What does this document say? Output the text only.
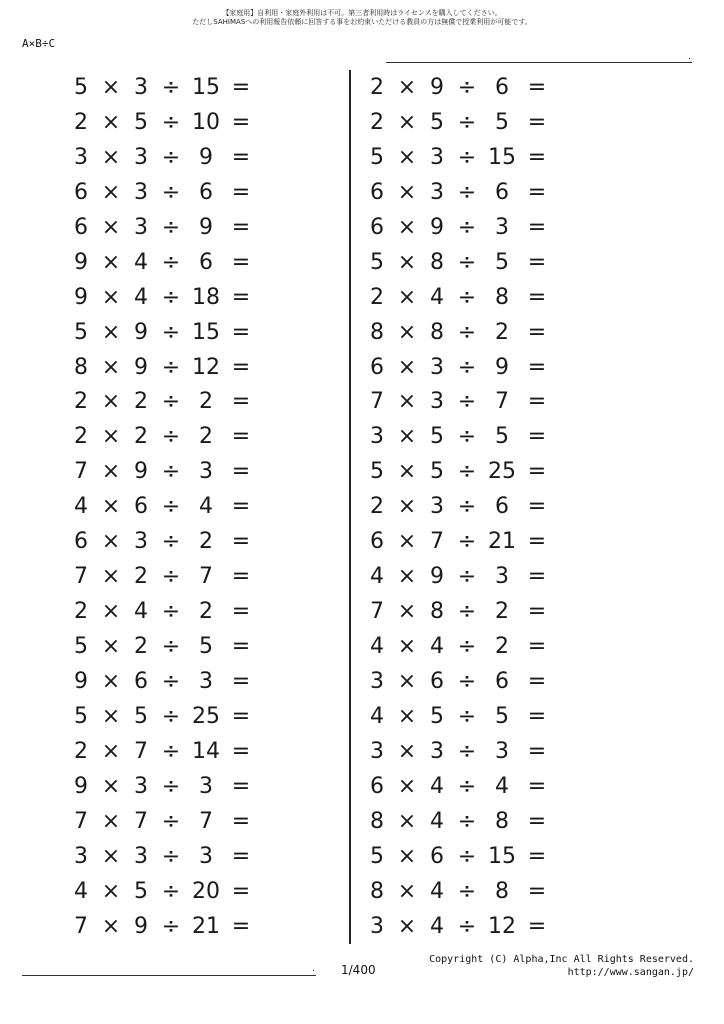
【家庭用】自利用・家庭外利用は不可。第三者利用時はライセンスを購入してください。
ただしSAHIMASへの利用報告依頼に回答する事をお約束いただける教員の方は無償で授業利用が可能です。
A×B÷C
.
5 × 3 ÷ 15 =
2 × 5 ÷ 10 =
3 × 3 ÷ 9 =
6 × 3 ÷ 6 =
6 × 3 ÷ 9 =
9 × 4 ÷ 6 =
9 × 4 ÷ 18 =
5 × 9 ÷ 15 =
8 × 9 ÷ 12 =
2 × 2 ÷ 2 =
2 × 2 ÷ 2 =
7 × 9 ÷ 3 =
4 × 6 ÷ 4 =
6 × 3 ÷ 2 =
7 × 2 ÷ 7 =
2 × 4 ÷ 2 =
5 × 2 ÷ 5 =
9 × 6 ÷ 3 =
5 × 5 ÷ 25 =
2 × 7 ÷ 14 =
9 × 3 ÷ 3 =
7 × 7 ÷ 7 =
3 × 3 ÷ 3 =
4 × 5 ÷ 20 =
7 × 9 ÷ 21 =
2 × 9 ÷ 6 =
2 × 5 ÷ 5 =
5 × 3 ÷ 15 =
6 × 3 ÷ 6 =
6 × 9 ÷ 3 =
5 × 8 ÷ 5 =
2 × 4 ÷ 8 =
8 × 8 ÷ 2 =
6 × 3 ÷ 9 =
7 × 3 ÷ 7 =
3 × 5 ÷ 5 =
5 × 5 ÷ 25 =
2 × 3 ÷ 6 =
6 × 7 ÷ 21 =
4 × 9 ÷ 3 =
7 × 8 ÷ 2 =
4 × 4 ÷ 2 =
3 × 6 ÷ 6 =
4 × 5 ÷ 5 =
3 × 3 ÷ 3 =
6 × 4 ÷ 4 =
8 × 4 ÷ 8 =
5 × 6 ÷ 15 =
8 × 4 ÷ 8 =
3 × 4 ÷ 12 =
. 1/400
Copyright (C) Alpha,Inc All Rights Reserved.
http://www.sangan.jp/
